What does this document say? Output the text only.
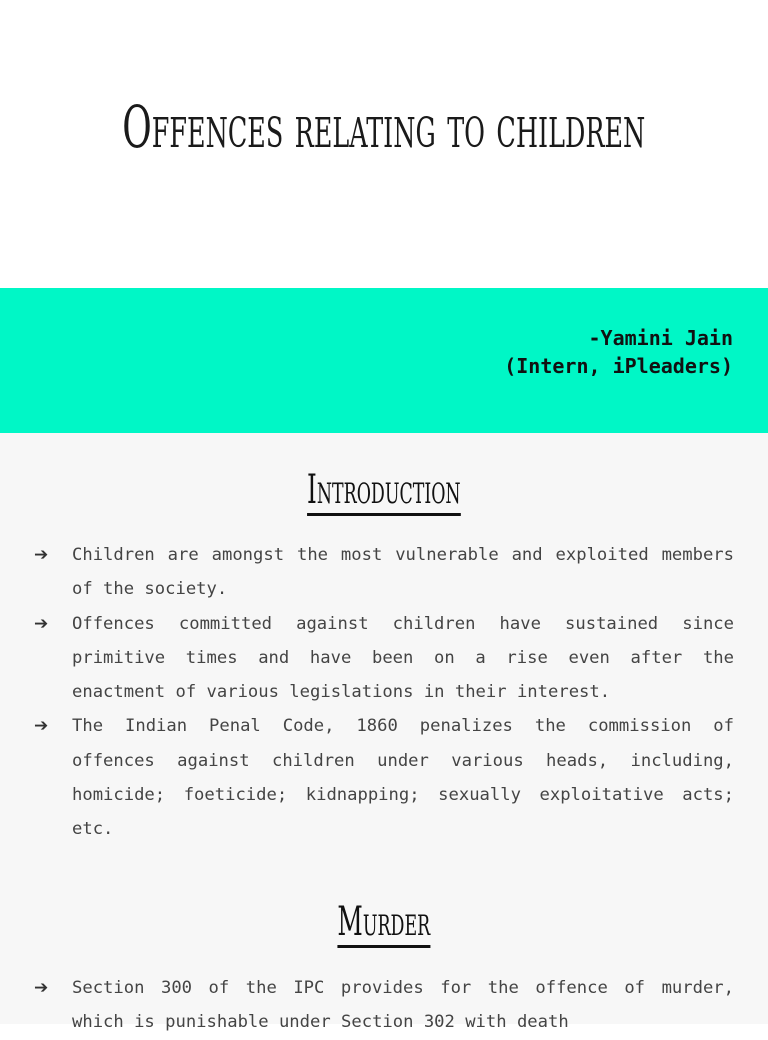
Offences relating to children
-Yamini Jain
(Intern, iPleaders)
Introduction
➔ Children are amongst the most vulnerable and exploited members of the society.
➔ Offences committed against children have sustained since primitive times and have been on a rise even after the enactment of various legislations in their interest.
➔ The Indian Penal Code, 1860 penalizes the commission of offences against children under various heads, including, homicide; foeticide; kidnapping; sexually exploitative acts; etc.
Murder
➔ Section 300 of the IPC provides for the offence of murder, which is punishable under Section 302 with death
